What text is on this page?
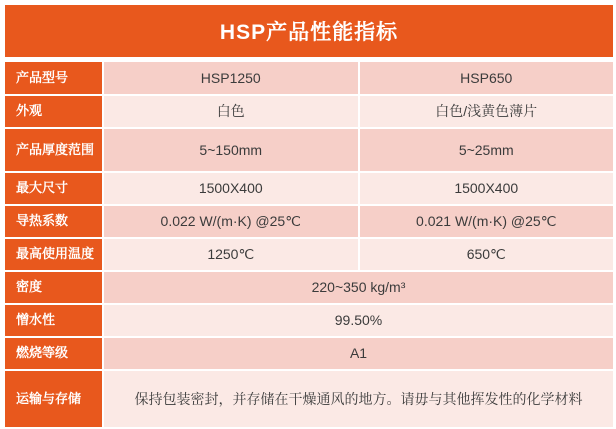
HSP产品性能指标
产品型号	HSP1250	HSP650
外观	白色	白色/浅黄色薄片
产品厚度范围	5~150mm	5~25mm
最大尺寸	1500X400	1500X400
导热系数	0.022 W/(m·K) @25℃	0.021 W/(m·K) @25℃
最高使用温度	1250℃	650℃
密度	220~350 kg/m³
憎水性	99.50%
燃烧等级	A1
运输与存储	保持包装密封，并存储在干燥通风的地方。请毋与其他挥发性的化学材料
